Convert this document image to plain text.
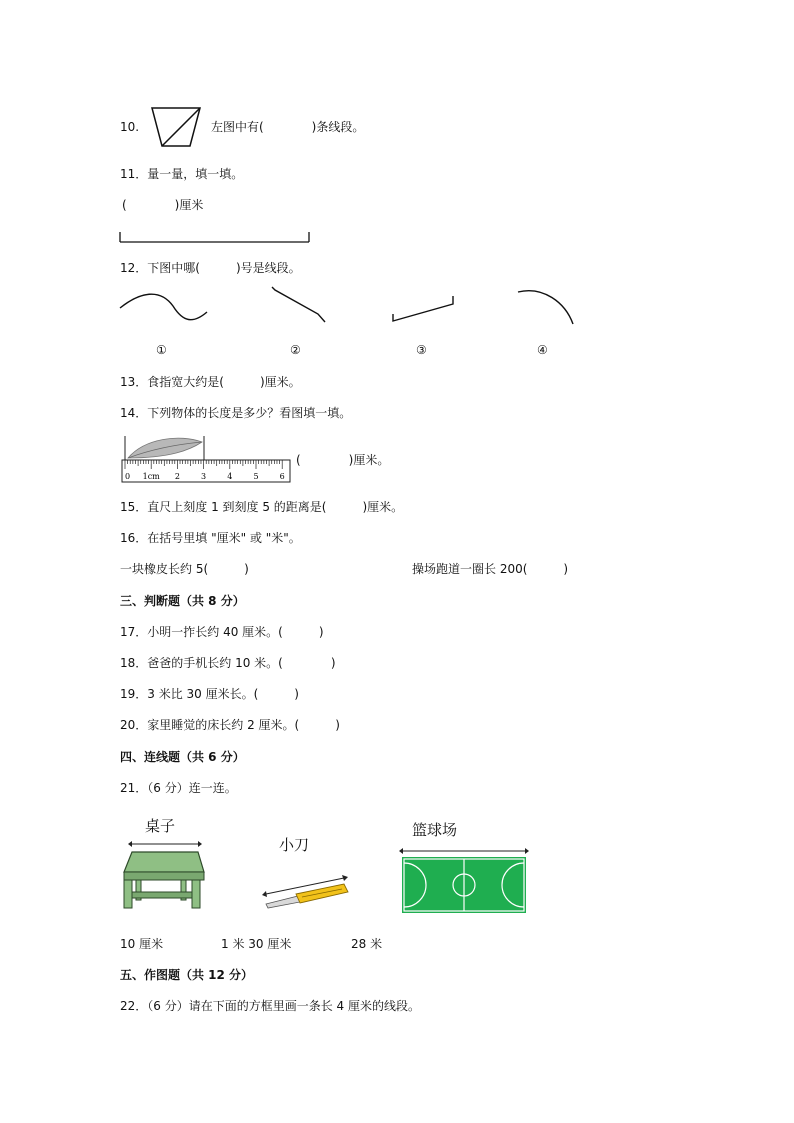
10.	左图中有(　　　　)条线段。
11．量一量，填一填。
(　　　　)厘米
12．下图中哪(　　　)号是线段。
①	②	③	④
13．食指宽大约是(　　　)厘米。
14．下列物体的长度是多少？看图填一填。
0 1cm 2	3	4	5	6
(　　　　)厘米。
15．直尺上刻度 1 到刻度 5 的距离是(　　　)厘米。
16．在括号里填 "厘米" 或 "米"。
一块橡皮长约 5(　　　)	操场跑道一圈长 200(　　　)
三、判断题（共 8 分）
17．小明一拃长约 40 厘米。(　　　)
18．爸爸的手机长约 10 米。(　　　　)
19．3 米比 30 厘米长。(　　　)
20．家里睡觉的床长约 2 厘米。(　　　)
四、连线题（共 6 分）
21．（6 分）连一连。
桌子
小刀
篮球场
10 厘米	1 米 30 厘米	28 米
五、作图题（共 12 分）
22．（6 分）请在下面的方框里画一条长 4 厘米的线段。
